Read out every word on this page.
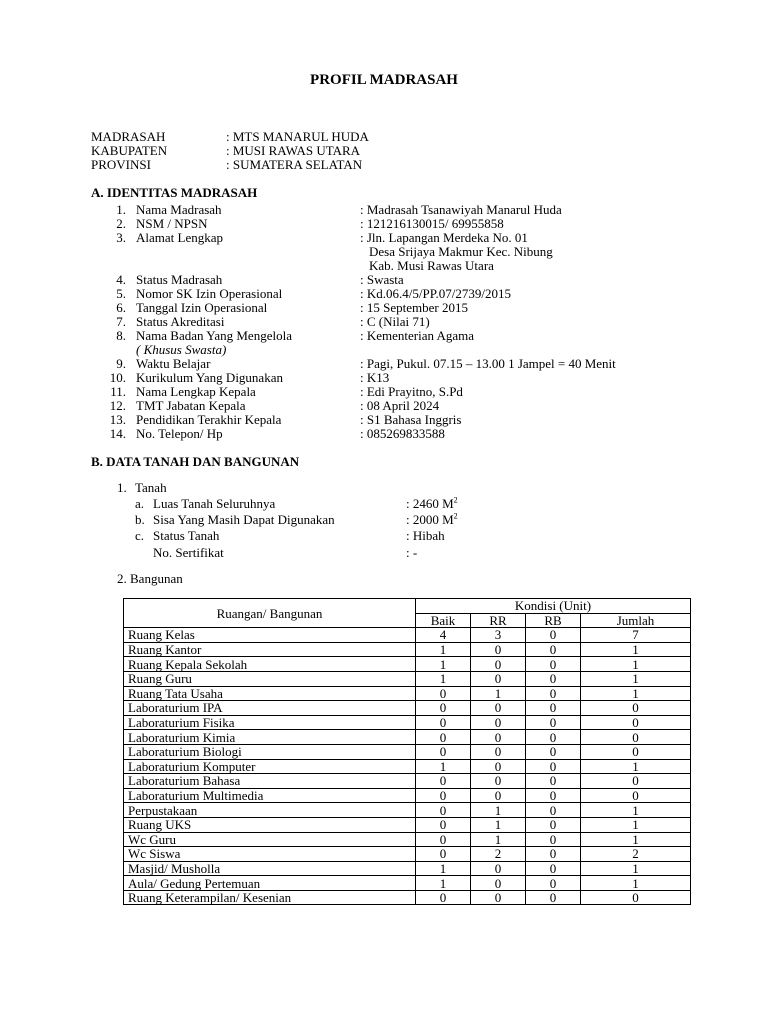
PROFIL MADRASAH
MADRASAH	: MTS MANARUL HUDA
KABUPATEN	: MUSI RAWAS UTARA
PROVINSI	: SUMATERA SELATAN
A. IDENTITAS MADRASAH
1. Nama Madrasah	: Madrasah Tsanawiyah Manarul Huda
2. NSM / NPSN	: 121216130015/ 69955858
3. Alamat Lengkap	: Jln. Lapangan Merdeka No. 01
Desa Srijaya Makmur Kec. Nibung
Kab. Musi Rawas Utara
4. Status Madrasah	: Swasta
5. Nomor SK Izin Operasional	: Kd.06.4/5/PP.07/2739/2015
6. Tanggal Izin Operasional	: 15 September 2015
7. Status Akreditasi	: C (Nilai 71)
8. Nama Badan Yang Mengelola	: Kementerian Agama
( Khusus Swasta)
9. Waktu Belajar	: Pagi, Pukul. 07.15 – 13.00 1 Jampel = 40 Menit
10. Kurikulum Yang Digunakan	: K13
11. Nama Lengkap Kepala	: Edi Prayitno, S.Pd
12. TMT Jabatan Kepala	: 08 April 2024
13. Pendidikan Terakhir Kepala	: S1 Bahasa Inggris
14. No. Telepon/ Hp	: 085269833588
B. DATA TANAH DAN BANGUNAN
1. Tanah
a. Luas Tanah Seluruhnya	: 2460 $M^2$
b. Sisa Yang Masih Dapat Digunakan	: 2000 $M^2$
c. Status Tanah	: Hibah
No. Sertifikat	: -
2. Bangunan
Ruangan/ Bangunan	Kondisi (Unit)			
	Baik	RR	RB	Jumlah
Ruang Kelas	4	3	0	7
Ruang Kantor	1	0	0	1
Ruang Kepala Sekolah	1	0	0	1
Ruang Guru	1	0	0	1
Ruang Tata Usaha	0	1	0	1
Laboraturium IPA	0	0	0	0
Laboraturium Fisika	0	0	0	0
Laboraturium Kimia	0	0	0	0
Laboraturium Biologi	0	0	0	0
Laboraturium Komputer	1	0	0	1
Laboraturium Bahasa	0	0	0	0
Laboraturium Multimedia	0	0	0	0
Perpustakaan	0	1	0	1
Ruang UKS	0	1	0	1
Wc Guru	0	1	0	1
Wc Siswa	0	2	0	2
Masjid/ Musholla	1	0	0	1
Aula/ Gedung Pertemuan	1	0	0	1
Ruang Keterampilan/ Kesenian	0	0	0	0
